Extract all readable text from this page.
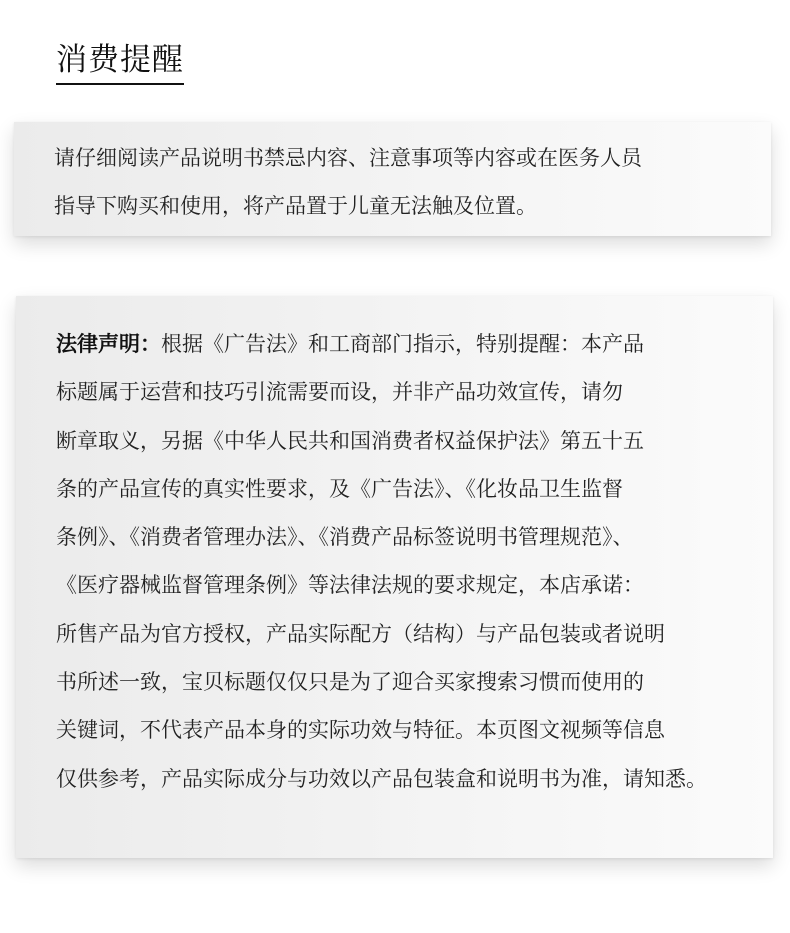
消费提醒
请仔细阅读产品说明书禁忌内容、注意事项等内容或在医务人员
指导下购买和使用，将产品置于儿童无法触及位置。
法律声明：根据《广告法》和工商部门指示，特别提醒：本产品
标题属于运营和技巧引流需要而设，并非产品功效宣传，请勿
断章取义，另据《中华人民共和国消费者权益保护法》第五十五
条的产品宣传的真实性要求，及《广告法》、《化妆品卫生监督
条例》、《消费者管理办法》、《消费产品标签说明书管理规范》、
《医疗器械监督管理条例》等法律法规的要求规定，本店承诺：
所售产品为官方授权，产品实际配方（结构）与产品包装或者说明
书所述一致，宝贝标题仅仅只是为了迎合买家搜索习惯而使用的
关键词，不代表产品本身的实际功效与特征。本页图文视频等信息
仅供参考，产品实际成分与功效以产品包装盒和说明书为准，请知悉。
